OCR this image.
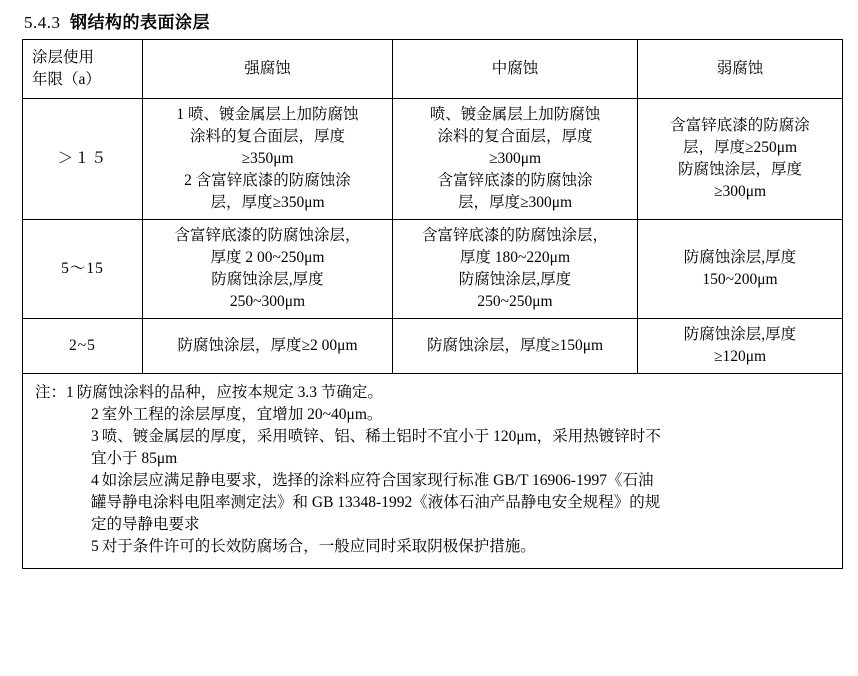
5.4.3 钢结构的表面涂层
涂层使用
年限（a）	强腐蚀	中腐蚀	弱腐蚀
＞１５	1 喷、镀金属层上加防腐蚀
涂料的复合面层，厚度
≥350μm
2 含富锌底漆的防腐蚀涂
层，厚度≥350μm	喷、镀金属层上加防腐蚀
涂料的复合面层，厚度
≥300μm
含富锌底漆的防腐蚀涂
层，厚度≥300μm	含富锌底漆的防腐涂
层，厚度≥250μm
防腐蚀涂层，厚度
≥300μm

5～15	含富锌底漆的防腐蚀涂层，
厚度 2 00~250μm
防腐蚀涂层,厚度
250~300μm	含富锌底漆的防腐蚀涂层，
厚度 180~220μm
防腐蚀涂层,厚度
250~250μm	防腐蚀涂层,厚度
150~200μm

2~5	防腐蚀涂层，厚度≥2 00μm	防腐蚀涂层，厚度≥150μm	防腐蚀涂层,厚度
≥120μm

注： 1 防腐蚀涂料的品种，应按本规定 3.3 节确定。
2 室外工程的涂层厚度，宜增加 20~40μm。
3 喷、镀金属层的厚度，采用喷锌、铝、稀土铝时不宜小于 120μm，采用热镀锌时不
宜小于 85μm
4 如涂层应满足静电要求，选择的涂料应符合国家现行标准 GB/T 16906-1997《石油
罐导静电涂料电阻率测定法》和 GB 13348-1992《液体石油产品静电安全规程》的规
定的导静电要求
5 对于条件许可的长效防腐场合，一般应同时采取阴极保护措施。
